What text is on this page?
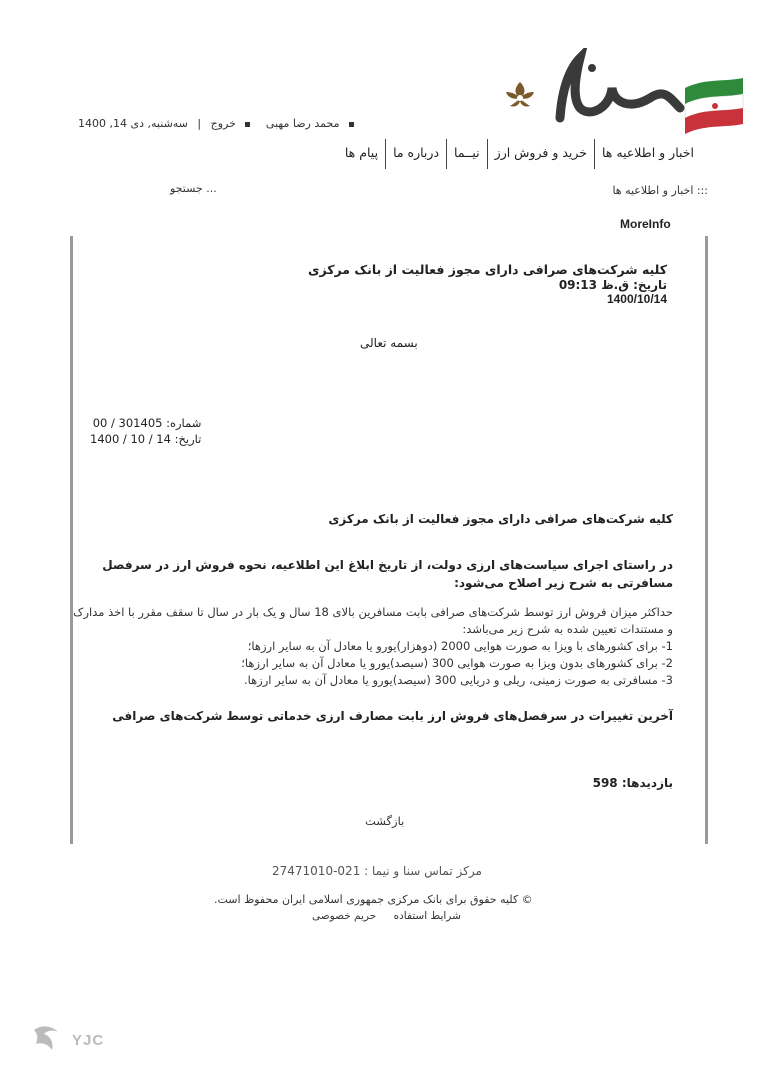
محمد رضا مهبی  خروج | سه‌شنبه, دی 14, 1400
اخبار و اطلاعیه ها
خرید و فروش ارز
نیــما
درباره ما
پیام ها
::: اخبار و اطلاعیه ها
جستجو ...
MoreInfo
کلیه شرکت‌های صرافی دارای مجوز فعالیت از بانک مرکزی
تاریخ: ق.ظ 09:13
1400/10/14
بسمه تعالی
شماره: 301405 / 00
تاریخ: 14 / 10 / 1400
کلیه شرکت‌های صرافی دارای مجوز فعالیت از بانک مرکزی
در راستای اجرای سیاست‌های ارزی دولت، از تاریخ ابلاغ این اطلاعیه، نحوه فروش ارز در سرفصل مسافرتی به شرح زیر اصلاح می‌شود:
حداکثر میزان فروش ارز توسط شرکت‌های صرافی بابت مسافرین بالای 18 سال و یک بار در سال تا سقف مقرر با اخذ مدارک و مستندات تعیین شده به شرح زیر می‌باشد:
1- برای کشورهای با ویزا به صورت هوایی 2000 (دوهزار)یورو یا معادل آن به سایر ارزها؛
2- برای کشورهای بدون ویزا به صورت هوایی 300 (سیصد)یورو یا معادل آن به سایر ارزها؛
3- مسافرتی به صورت زمینی، ریلی و دریایی 300 (سیصد)یورو یا معادل آن به سایر ارزها.
آخرین تغییرات در سرفصل‌های فروش ارز بابت مصارف ارزی خدماتی توسط شرکت‌های صرافی
بازدیدها: 598
بازگشت
مرکز تماس سنا و نیما : 021-27471010
© کلیه حقوق برای بانک مرکزی جمهوری اسلامی ایران محفوظ است.
شرایط استفاده حریم خصوصی
YJC
